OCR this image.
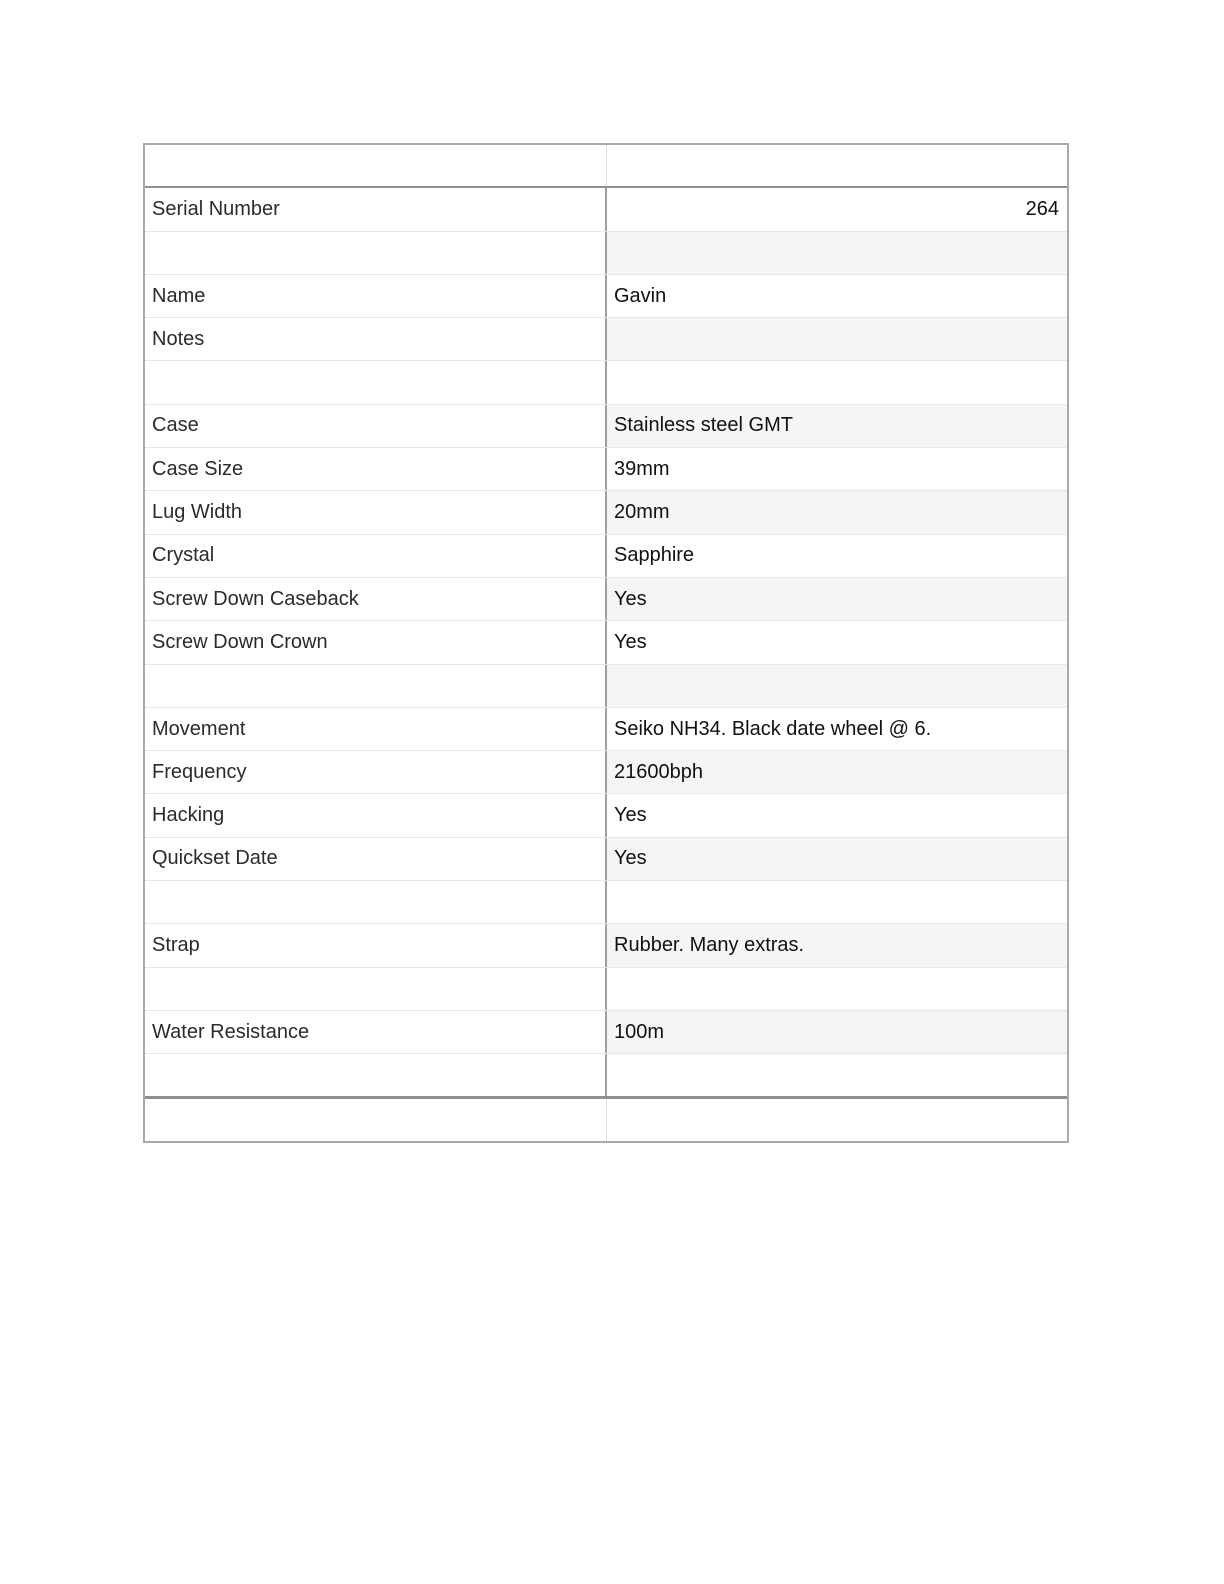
Serial Number	264
Name	Gavin
Notes
Case	Stainless steel GMT
Case Size	39mm
Lug Width	20mm
Crystal	Sapphire
Screw Down Caseback	Yes
Screw Down Crown	Yes
Movement	Seiko NH34. Black date wheel @ 6.
Frequency	21600bph
Hacking	Yes
Quickset Date	Yes
Strap	Rubber. Many extras.
Water Resistance	100m
